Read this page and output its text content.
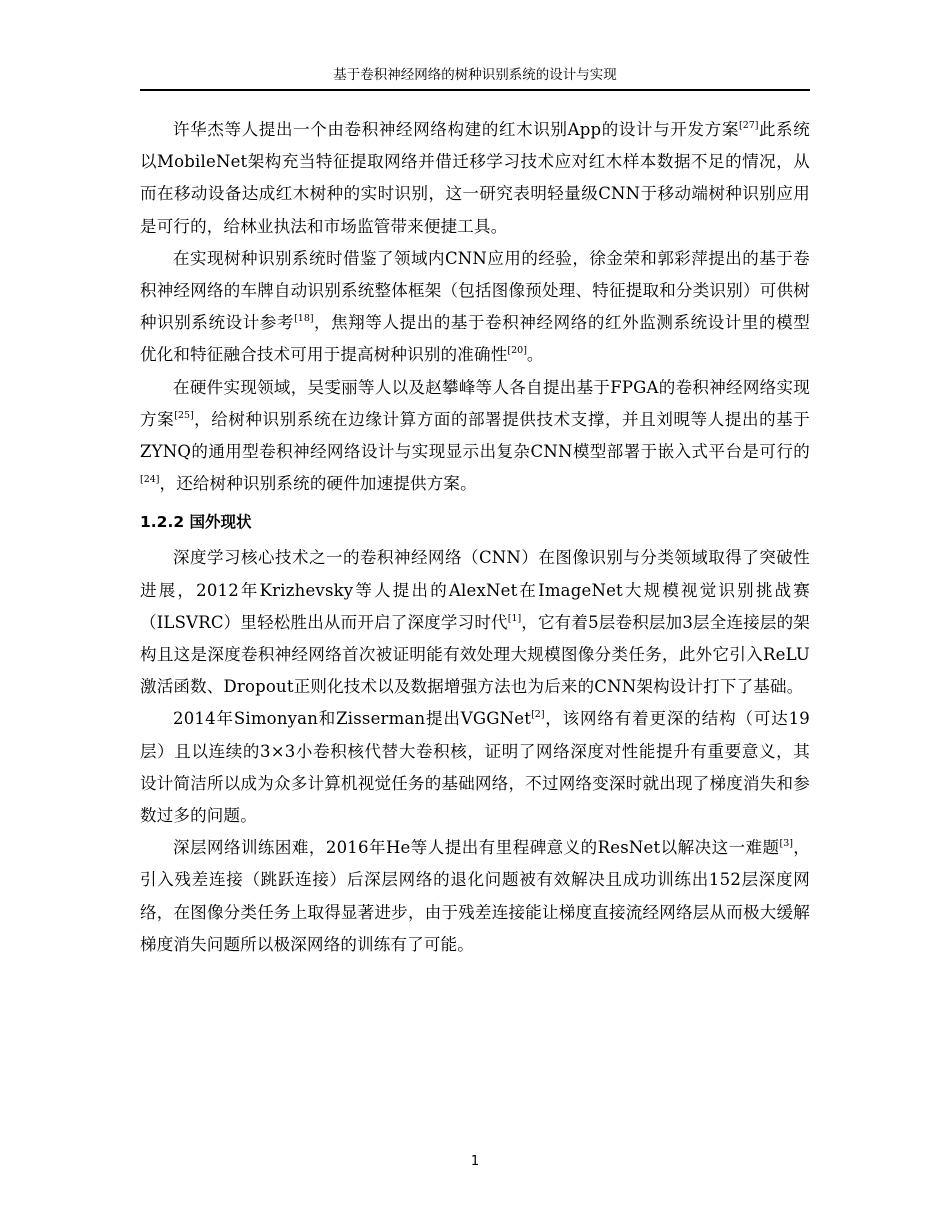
基于卷积神经网络的树种识别系统的设计与实现

许华杰等人提出一个由卷积神经网络构建的红木识别App的设计与开发方案[27]此系统以MobileNet架构充当特征提取网络并借迁移学习技术应对红木样本数据不足的情况，从而在移动设备达成红木树种的实时识别，这一研究表明轻量级CNN于移动端树种识别应用是可行的，给林业执法和市场监管带来便捷工具。

在实现树种识别系统时借鉴了领域内CNN应用的经验，徐金荣和郭彩萍提出的基于卷积神经网络的车牌自动识别系统整体框架（包括图像预处理、特征提取和分类识别）可供树种识别系统设计参考[18]，焦翔等人提出的基于卷积神经网络的红外监测系统设计里的模型优化和特征融合技术可用于提高树种识别的准确性[20]。

在硬件实现领域，吴雯丽等人以及赵攀峰等人各自提出基于FPGA的卷积神经网络实现方案[25]，给树种识别系统在边缘计算方面的部署提供技术支撑，并且刘晛等人提出的基于ZYNQ的通用型卷积神经网络设计与实现显示出复杂CNN模型部署于嵌入式平台是可行的[24]，还给树种识别系统的硬件加速提供方案。

1.2.2 国外现状

深度学习核心技术之一的卷积神经网络（CNN）在图像识别与分类领域取得了突破性进展，2012年Krizhevsky等人提出的AlexNet在ImageNet大规模视觉识别挑战赛（ILSVRC）里轻松胜出从而开启了深度学习时代[1]，它有着5层卷积层加3层全连接层的架构且这是深度卷积神经网络首次被证明能有效处理大规模图像分类任务，此外它引入ReLU激活函数、Dropout正则化技术以及数据增强方法也为后来的CNN架构设计打下了基础。

2014年Simonyan和Zisserman提出VGGNet[2]，该网络有着更深的结构（可达19层）且以连续的3×3小卷积核代替大卷积核，证明了网络深度对性能提升有重要意义，其设计简洁所以成为众多计算机视觉任务的基础网络，不过网络变深时就出现了梯度消失和参数过多的问题。

深层网络训练困难，2016年He等人提出有里程碑意义的ResNet以解决这一难题[3]，引入残差连接（跳跃连接）后深层网络的退化问题被有效解决且成功训练出152层深度网络，在图像分类任务上取得显著进步，由于残差连接能让梯度直接流经网络层从而极大缓解梯度消失问题所以极深网络的训练有了可能。

1
